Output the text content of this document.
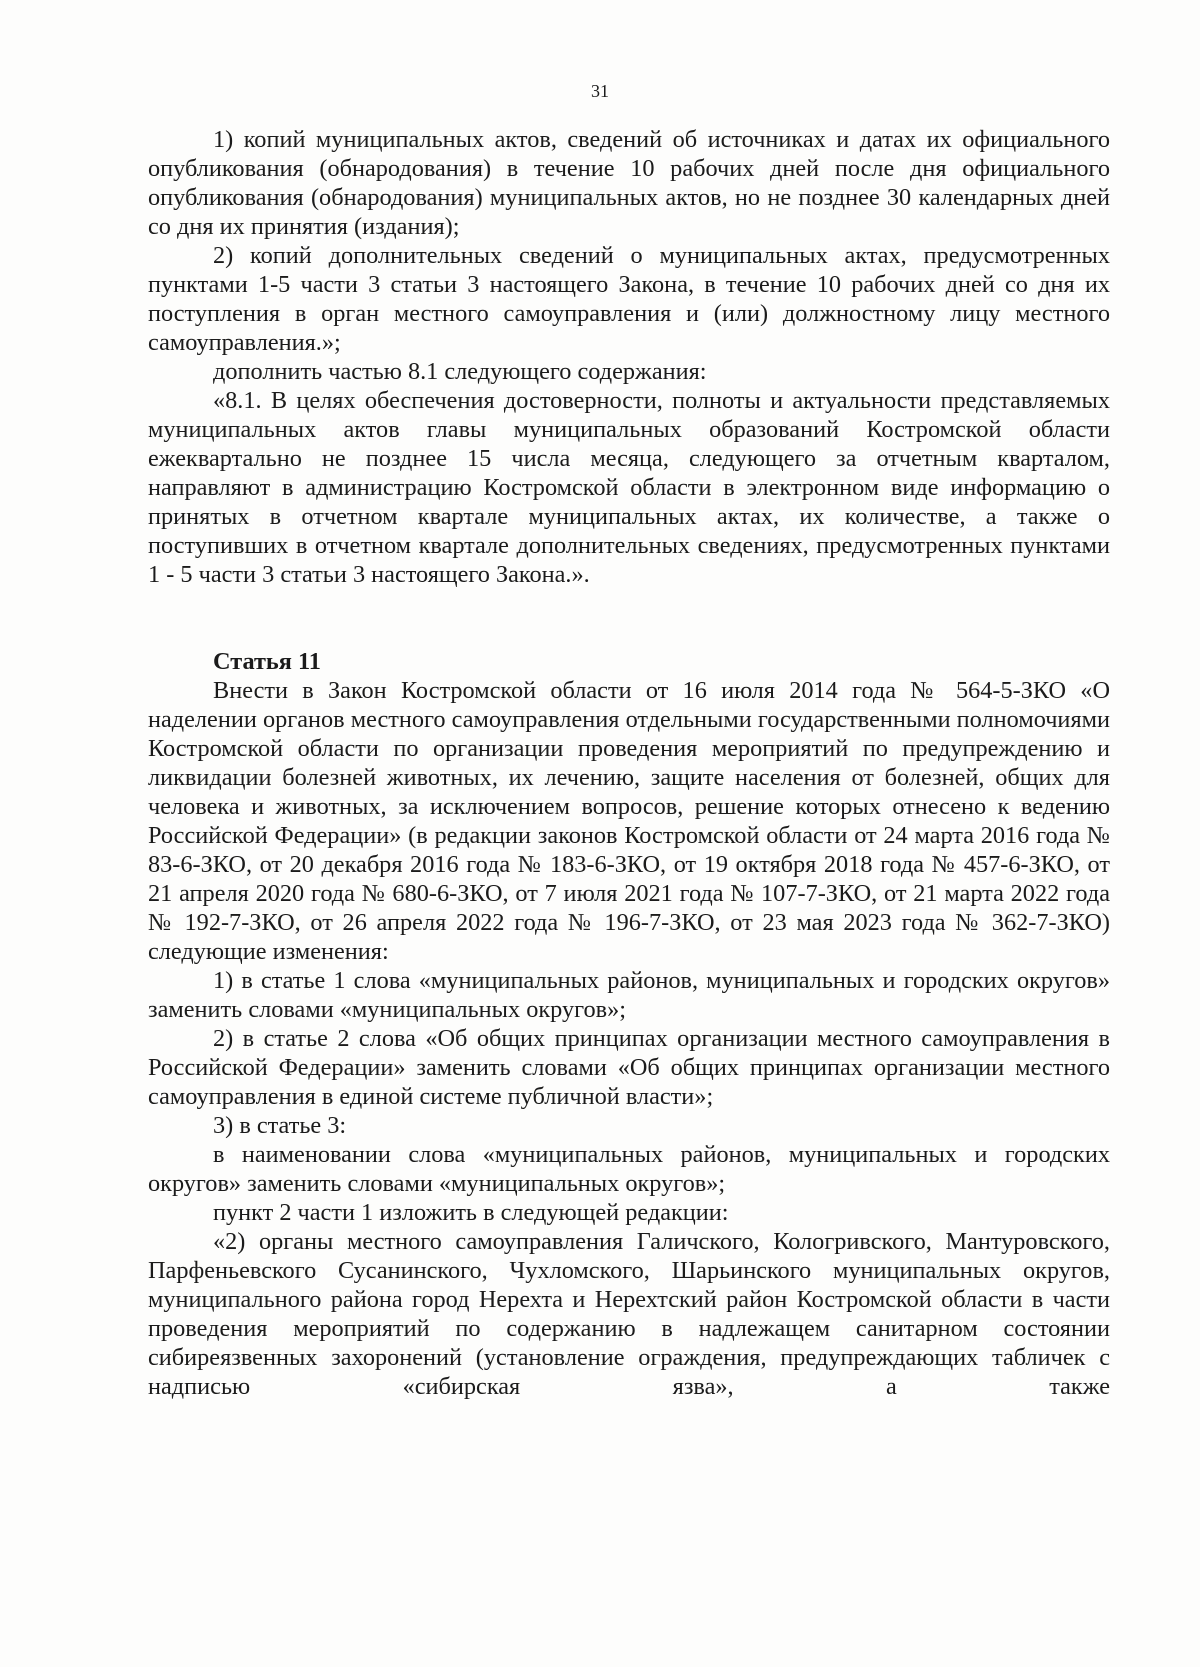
31

1) копий муниципальных актов, сведений об источниках и датах их официального опубликования (обнародования) в течение 10 рабочих дней после дня официального опубликования (обнародования) муниципальных актов, но не позднее 30 календарных дней со дня их принятия (издания);

2) копий дополнительных сведений о муниципальных актах, предусмотренных пунктами 1-5 части 3 статьи 3 настоящего Закона, в течение 10 рабочих дней со дня их поступления в орган местного самоуправления и (или) должностному лицу местного самоуправления.»;

дополнить частью 8.1 следующего содержания:

«8.1. В целях обеспечения достоверности, полноты и актуальности представляемых муниципальных актов главы муниципальных образований Костромской области ежеквартально не позднее 15 числа месяца, следующего за отчетным кварталом, направляют в администрацию Костромской области в электронном виде информацию о принятых в отчетном квартале муниципальных актах, их количестве, а также о поступивших в отчетном квартале дополнительных сведениях, предусмотренных пунктами 1 - 5 части 3 статьи 3 настоящего Закона.».

Статья 11

Внести в Закон Костромской области от 16 июля 2014 года № 564-5-ЗКО «О наделении органов местного самоуправления отдельными государственными полномочиями Костромской области по организации проведения мероприятий по предупреждению и ликвидации болезней животных, их лечению, защите населения от болезней, общих для человека и животных, за исключением вопросов, решение которых отнесено к ведению Российской Федерации» (в редакции законов Костромской области от 24 марта 2016 года № 83-6-ЗКО, от 20 декабря 2016 года № 183-6-ЗКО, от 19 октября 2018 года № 457-6-ЗКО, от 21 апреля 2020 года № 680-6-ЗКО, от 7 июля 2021 года № 107-7-ЗКО, от 21 марта 2022 года № 192-7-ЗКО, от 26 апреля 2022 года № 196-7-ЗКО, от 23 мая 2023 года № 362-7-ЗКО) следующие изменения:

1) в статье 1 слова «муниципальных районов, муниципальных и городских округов» заменить словами «муниципальных округов»;

2) в статье 2 слова «Об общих принципах организации местного самоуправления в Российской Федерации» заменить словами «Об общих принципах организации местного самоуправления в единой системе публичной власти»;

3) в статье 3:

в наименовании слова «муниципальных районов, муниципальных и городских округов» заменить словами «муниципальных округов»;

пункт 2 части 1 изложить в следующей редакции:

«2) органы местного самоуправления Галичского, Кологривского, Мантуровского, Парфеньевского Сусанинского, Чухломского, Шарьинского муниципальных округов, муниципального района город Нерехта и Нерехтский район Костромской области в части проведения мероприятий по содержанию в надлежащем санитарном состоянии сибиреязвенных захоронений (установление ограждения, предупреждающих табличек с надписью «сибирская язва», а также
